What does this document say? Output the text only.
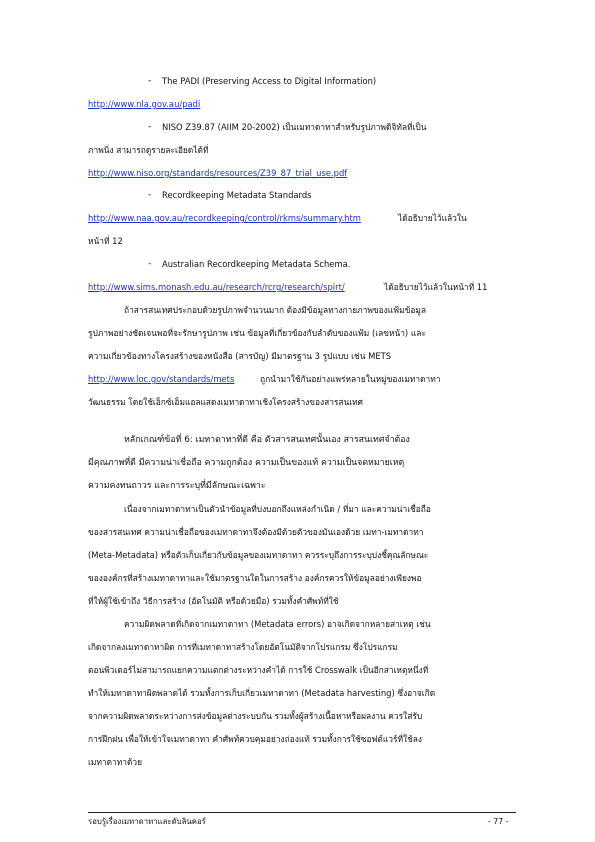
- The PADI (Preserving Access to Digital Information)
http://www.nla.gov.au/padi
- NISO Z39.87 (AIIM 20-2002) เป็นเมทาดาทาสำหรับรูปภาพดิจิทัลที่เป็น
ภาพนิ่ง สามารถดูรายละเอียดได้ที่
http://www.niso.org/standards/resources/Z39_87_trial_use.pdf
- Recordkeeping Metadata Standards
http://www.naa.gov.au/recordkeeping/control/rkms/summary.htm	ได้อธิบายไว้แล้วใน
หน้าที่ 12
- Australian Recordkeeping Metadata Schema.
http://www.sims.monash.edu.au/research/rcrg/research/spirt/	ได้อธิบายไว้แล้วในหน้าที่ 11
ถ้าสารสนเทศประกอบด้วยรูปภาพจำนวนมาก ต้องมีข้อมูลทางกายภาพของแฟ้มข้อมูล
รูปภาพอย่างชัดเจนพอที่จะรักษารูปภาพ เช่น ข้อมูลที่เกี่ยวข้องกับลำดับของแฟ้ม (เลขหน้า) และ
ความเกี่ยวข้องทางโครงสร้างของหนังสือ (สารบัญ) มีมาตรฐาน 3 รูปแบบ เช่น METS
http://www.loc.gov/standards/mets	ถูกนำมาใช้กันอย่างแพร่หลายในหมู่ของเมทาดาทา
วัฒนธรรม โดยใช้เอ็กซ์เอ็มแอลแสดงเมทาดาทาเชิงโครงสร้างของสารสนเทศ
หลักเกณฑ์ข้อที่ 6: เมทาดาทาที่ดี คือ ตัวสารสนเทศนั้นเอง สารสนเทศจำต้อง
มีคุณภาพที่ดี มีความน่าเชื่อถือ ความถูกต้อง ความเป็นของแท้ ความเป็นจดหมายเหตุ
ความคงทนถาวร และการระบุที่มีลักษณะเฉพาะ
เนื่องจากเมทาดาทาเป็นตัวนำข้อมูลที่บ่งบอกถึงแหล่งกำเนิด / ที่มา และความน่าเชื่อถือ
ของสารสนเทศ ความน่าเชื่อถือของเมทาดาทาจึงต้องมีด้วยตัวของมันเองด้วย เมทา-เมทาดาทา
(Meta-Metadata) หรือตัวเก็บเกี่ยวกับข้อมูลของเมทาดาทา ควรระบุถึงการระบุบ่งชี้คุณลักษณะ
ขององค์กรที่สร้างเมทาดาทาและใช้มาตรฐานใดในการสร้าง องค์กรควรให้ข้อมูลอย่างเพียงพอ
ที่ให้ผู้ใช้เข้าถึง วิธีการสร้าง (อัตโนมัติ หรือด้วยมือ) รวมทั้งคำศัพท์ที่ใช้
ความผิดพลาดที่เกิดจากเมทาดาทา (Metadata errors) อาจเกิดจากหลายสาเหตุ เช่น
เกิดจากลงเมทาดาทาผิด การที่เมทาดาทาสร้างโดยอัตโนมัติจากโปรแกรม ซึ่งโปรแกรม
ตอนพิวเตอร์ไม่สามารถแยกความแตกต่างระหว่างคำได้ การใช้ Crosswalk เป็นอีกสาเหตุหนึ่งที่
ทำให้เมทาดาทาผิดพลาดได้ รวมทั้งการเก็บเกี่ยวเมทาดาทา (Metadata harvesting) ซึ่งอาจเกิด
จากความผิดพลาดระหว่างการส่งข้อมูลต่างระบบกัน รวมทั้งผู้สร้างเนื้อหาหรือผลงาน ควรใส่รับ
การฝึกฝน เพื่อให้เข้าใจเมทาดาทา คำศัพท์ควบคุมอย่างถ่องแท้ รวมทั้งการใช้ซอฟต์แวร์ที่ใช้ลง
เมทาดาทาด้วย
รอบรู้เรื่องเมทาดาทาและดับลินคอร์	- 77 -
